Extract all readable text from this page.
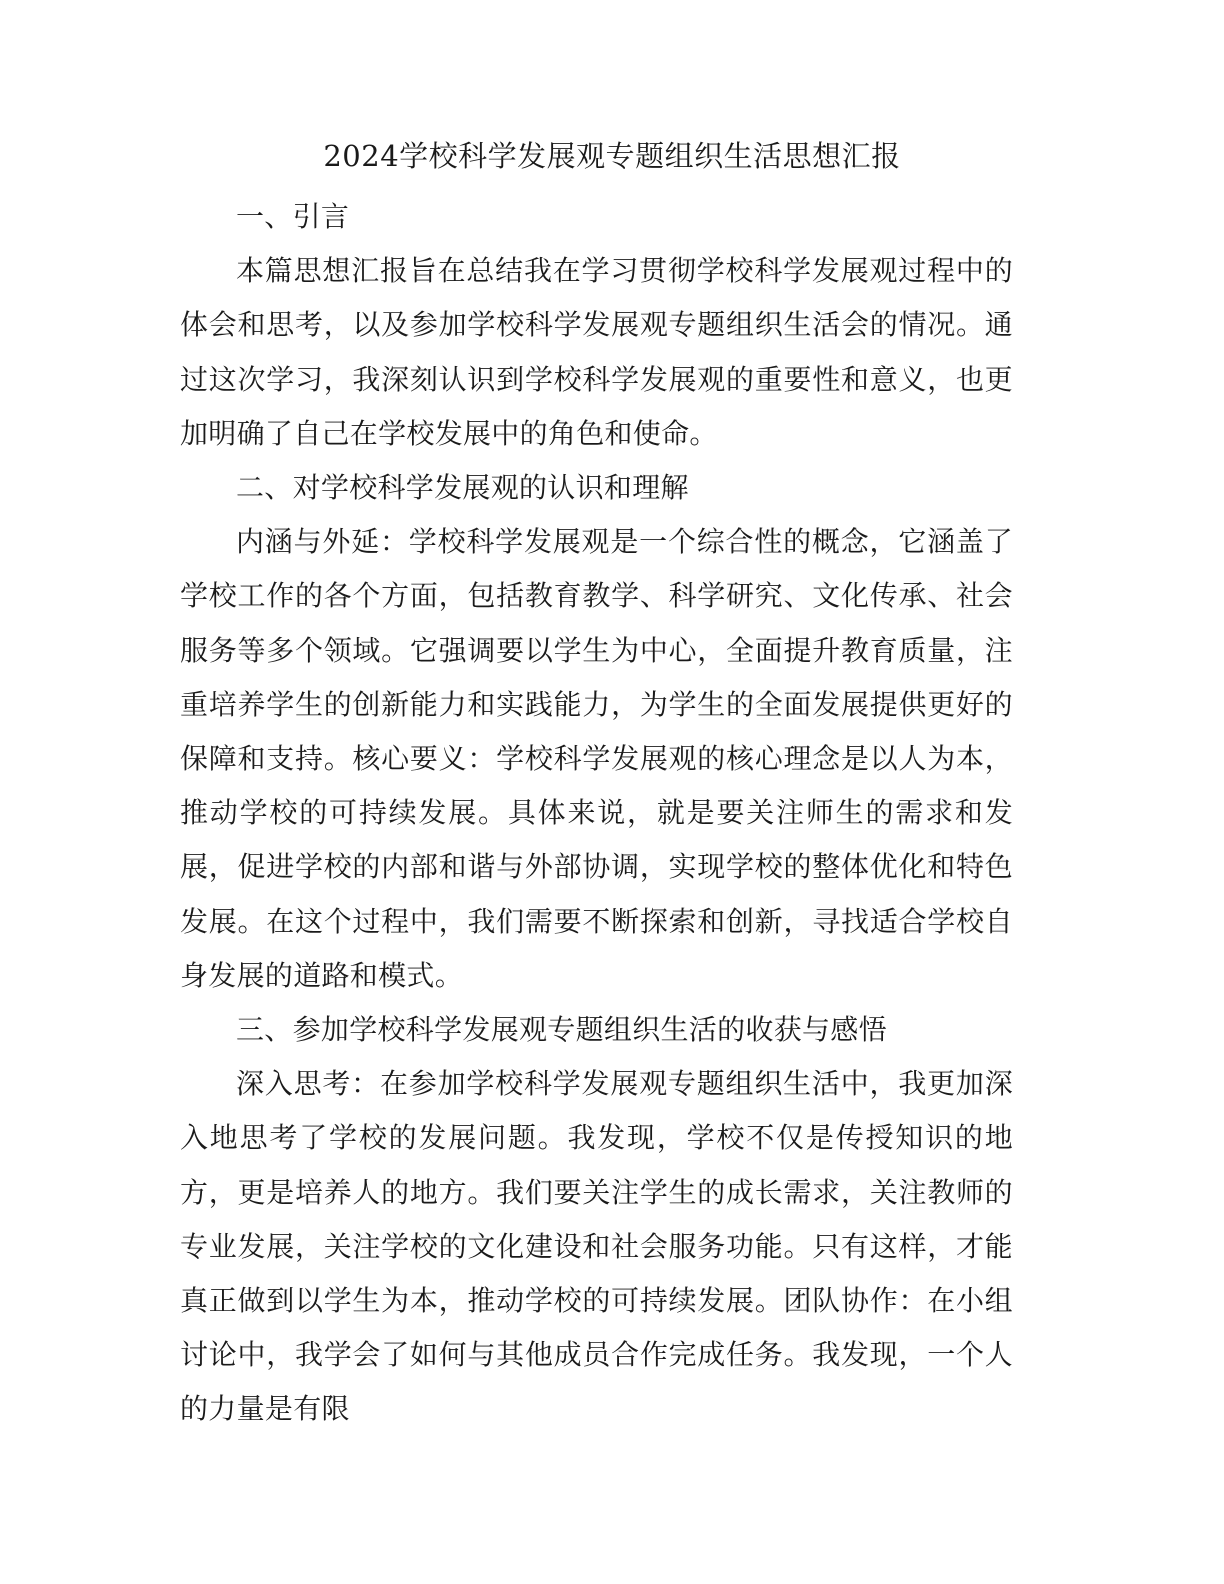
2024学校科学发展观专题组织生活思想汇报

一、引言

本篇思想汇报旨在总结我在学习贯彻学校科学发展观过程中的体会和思考，以及参加学校科学发展观专题组织生活会的情况。通过这次学习，我深刻认识到学校科学发展观的重要性和意义，也更加明确了自己在学校发展中的角色和使命。

二、对学校科学发展观的认识和理解

内涵与外延：学校科学发展观是一个综合性的概念，它涵盖了学校工作的各个方面，包括教育教学、科学研究、文化传承、社会服务等多个领域。它强调要以学生为中心，全面提升教育质量，注重培养学生的创新能力和实践能力，为学生的全面发展提供更好的保障和支持。核心要义：学校科学发展观的核心理念是以人为本，推动学校的可持续发展。具体来说，就是要关注师生的需求和发展，促进学校的内部和谐与外部协调，实现学校的整体优化和特色发展。在这个过程中，我们需要不断探索和创新，寻找适合学校自身发展的道路和模式。

三、参加学校科学发展观专题组织生活的收获与感悟

深入思考：在参加学校科学发展观专题组织生活中，我更加深入地思考了学校的发展问题。我发现，学校不仅是传授知识的地方，更是培养人的地方。我们要关注学生的成长需求，关注教师的专业发展，关注学校的文化建设和社会服务功能。只有这样，才能真正做到以学生为本，推动学校的可持续发展。团队协作：在小组讨论中，我学会了如何与其他成员合作完成任务。我发现，一个人的力量是有限
